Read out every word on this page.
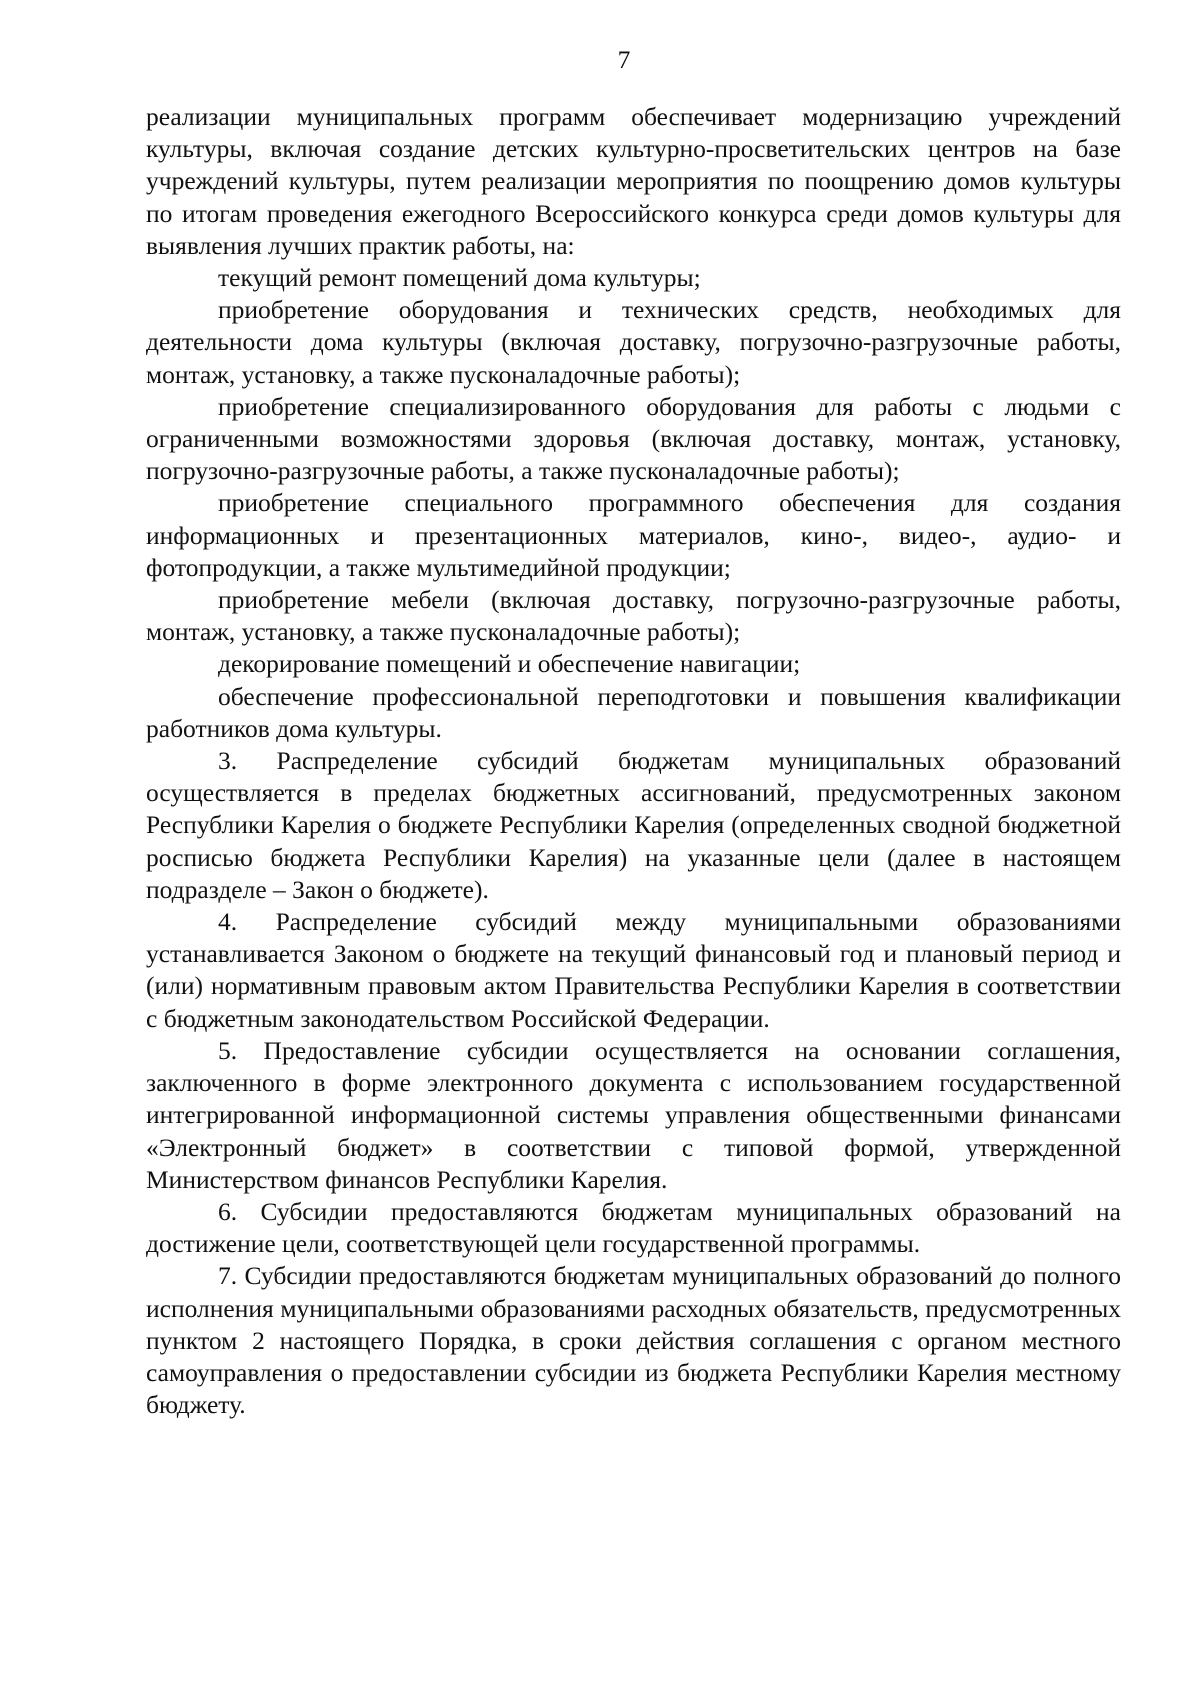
7

реализации муниципальных программ обеспечивает модернизацию учреждений культуры, включая создание детских культурно-просветительских центров на базе учреждений культуры, путем реализации мероприятия по поощрению домов культуры по итогам проведения ежегодного Всероссийского конкурса среди домов культуры для выявления лучших практик работы, на:

текущий ремонт помещений дома культуры;

приобретение оборудования и технических средств, необходимых для деятельности дома культуры (включая доставку, погрузочно-разгрузочные работы, монтаж, установку, а также пусконаладочные работы);

приобретение специализированного оборудования для работы с людьми с ограниченными возможностями здоровья (включая доставку, монтаж, установку, погрузочно-разгрузочные работы, а также пусконаладочные работы);

приобретение специального программного обеспечения для создания информационных и презентационных материалов, кино-, видео-, аудио- и фотопродукции, а также мультимедийной продукции;

приобретение мебели (включая доставку, погрузочно-разгрузочные работы, монтаж, установку, а также пусконаладочные работы);

декорирование помещений и обеспечение навигации;

обеспечение профессиональной переподготовки и повышения квалификации работников дома культуры.

3. Распределение субсидий бюджетам муниципальных образований осуществляется в пределах бюджетных ассигнований, предусмотренных законом Республики Карелия о бюджете Республики Карелия (определенных сводной бюджетной росписью бюджета Республики Карелия) на указанные цели (далее в настоящем подразделе – Закон о бюджете).

4. Распределение субсидий между муниципальными образованиями устанавливается Законом о бюджете на текущий финансовый год и плановый период и (или) нормативным правовым актом Правительства Республики Карелия в соответствии с бюджетным законодательством Российской Федерации.

5. Предоставление субсидии осуществляется на основании соглашения, заключенного в форме электронного документа с использованием государственной интегрированной информационной системы управления общественными финансами «Электронный бюджет» в соответствии с типовой формой, утвержденной Министерством финансов Республики Карелия.

6. Субсидии предоставляются бюджетам муниципальных образований на достижение цели, соответствующей цели государственной программы.

7. Субсидии предоставляются бюджетам муниципальных образований до полного исполнения муниципальными образованиями расходных обязательств, предусмотренных пунктом 2 настоящего Порядка, в сроки действия соглашения с органом местного самоуправления о предоставлении субсидии из бюджета Республики Карелия местному бюджету.
